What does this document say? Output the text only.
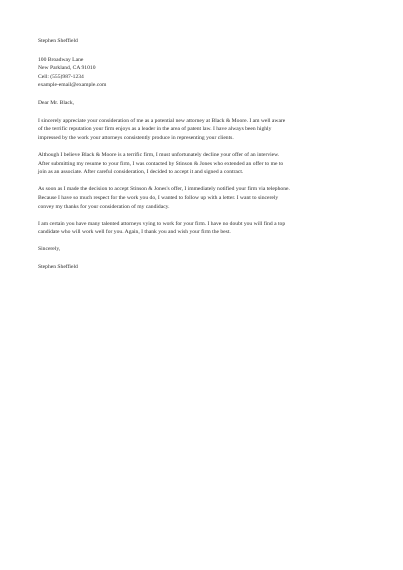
Stephen Sheffield
100 Broadway Lane
New Parkland, CA 91010
Cell: (555)987-1234
example-email@example.com
Dear Mr. Black,
I sincerely appreciate your consideration of me as a potential new attorney at Black & Moore. I am well aware
of the terrific reputation your firm enjoys as a leader in the area of patent law. I have always been highly
impressed by the work your attorneys consistently produce in representing your clients.
Although I believe Black & Moore is a terrific firm, I must unfortunately decline your offer of an interview.
After submitting my resume to your firm, I was contacted by Stinson & Jones who extended an offer to me to
join as an associate. After careful consideration, I decided to accept it and signed a contract.
As soon as I made the decision to accept Stinson & Jones's offer, I immediately notified your firm via telephone.
Because I have so much respect for the work you do, I wanted to follow up with a letter. I want to sincerely
convey my thanks for your consideration of my candidacy.
I am certain you have many talented attorneys vying to work for your firm. I have no doubt you will find a top
candidate who will work well for you. Again, I thank you and wish your firm the best.
Sincerely,
Stephen Sheffield
